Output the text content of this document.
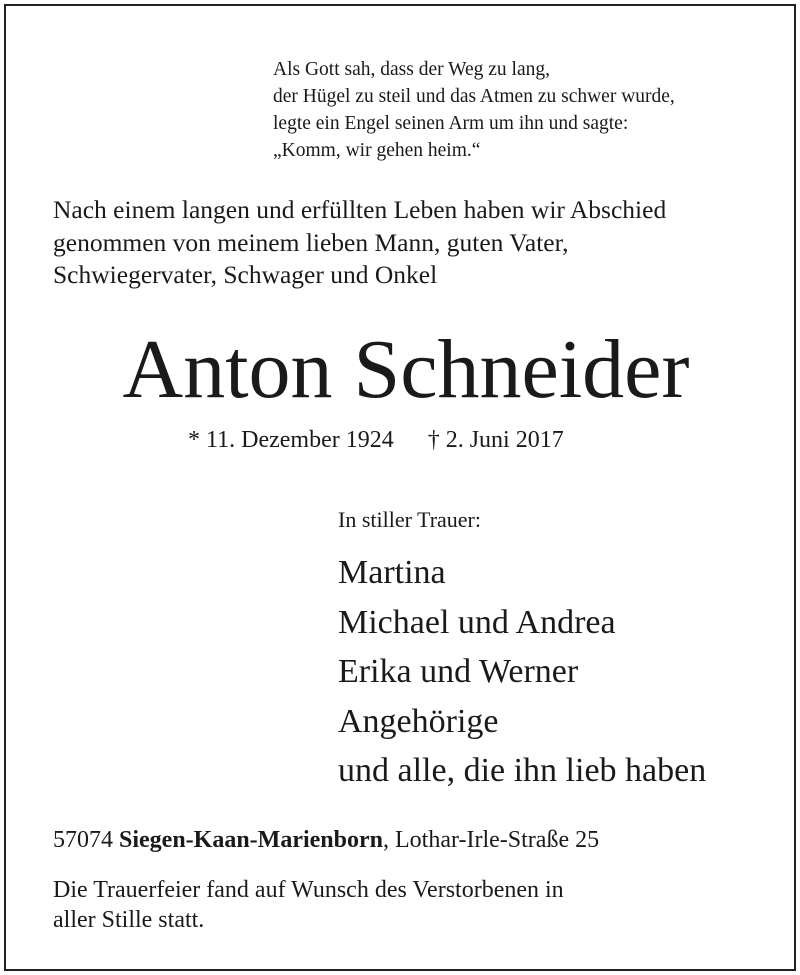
Als Gott sah, dass der Weg zu lang,
der Hügel zu steil und das Atmen zu schwer wurde,
legte ein Engel seinen Arm um ihn und sagte:
„Komm, wir gehen heim.“
Nach einem langen und erfüllten Leben haben wir Abschied
genommen von meinem lieben Mann, guten Vater,
Schwiegervater, Schwager und Onkel
Anton Schneider
* 11. Dezember 1924 † 2. Juni 2017
In stiller Trauer:
Martina
Michael und Andrea
Erika und Werner
Angehörige
und alle, die ihn lieb haben
57074 Siegen-Kaan-Marienborn, Lothar-Irle-Straße 25
Die Trauerfeier fand auf Wunsch des Verstorbenen in
aller Stille statt.
